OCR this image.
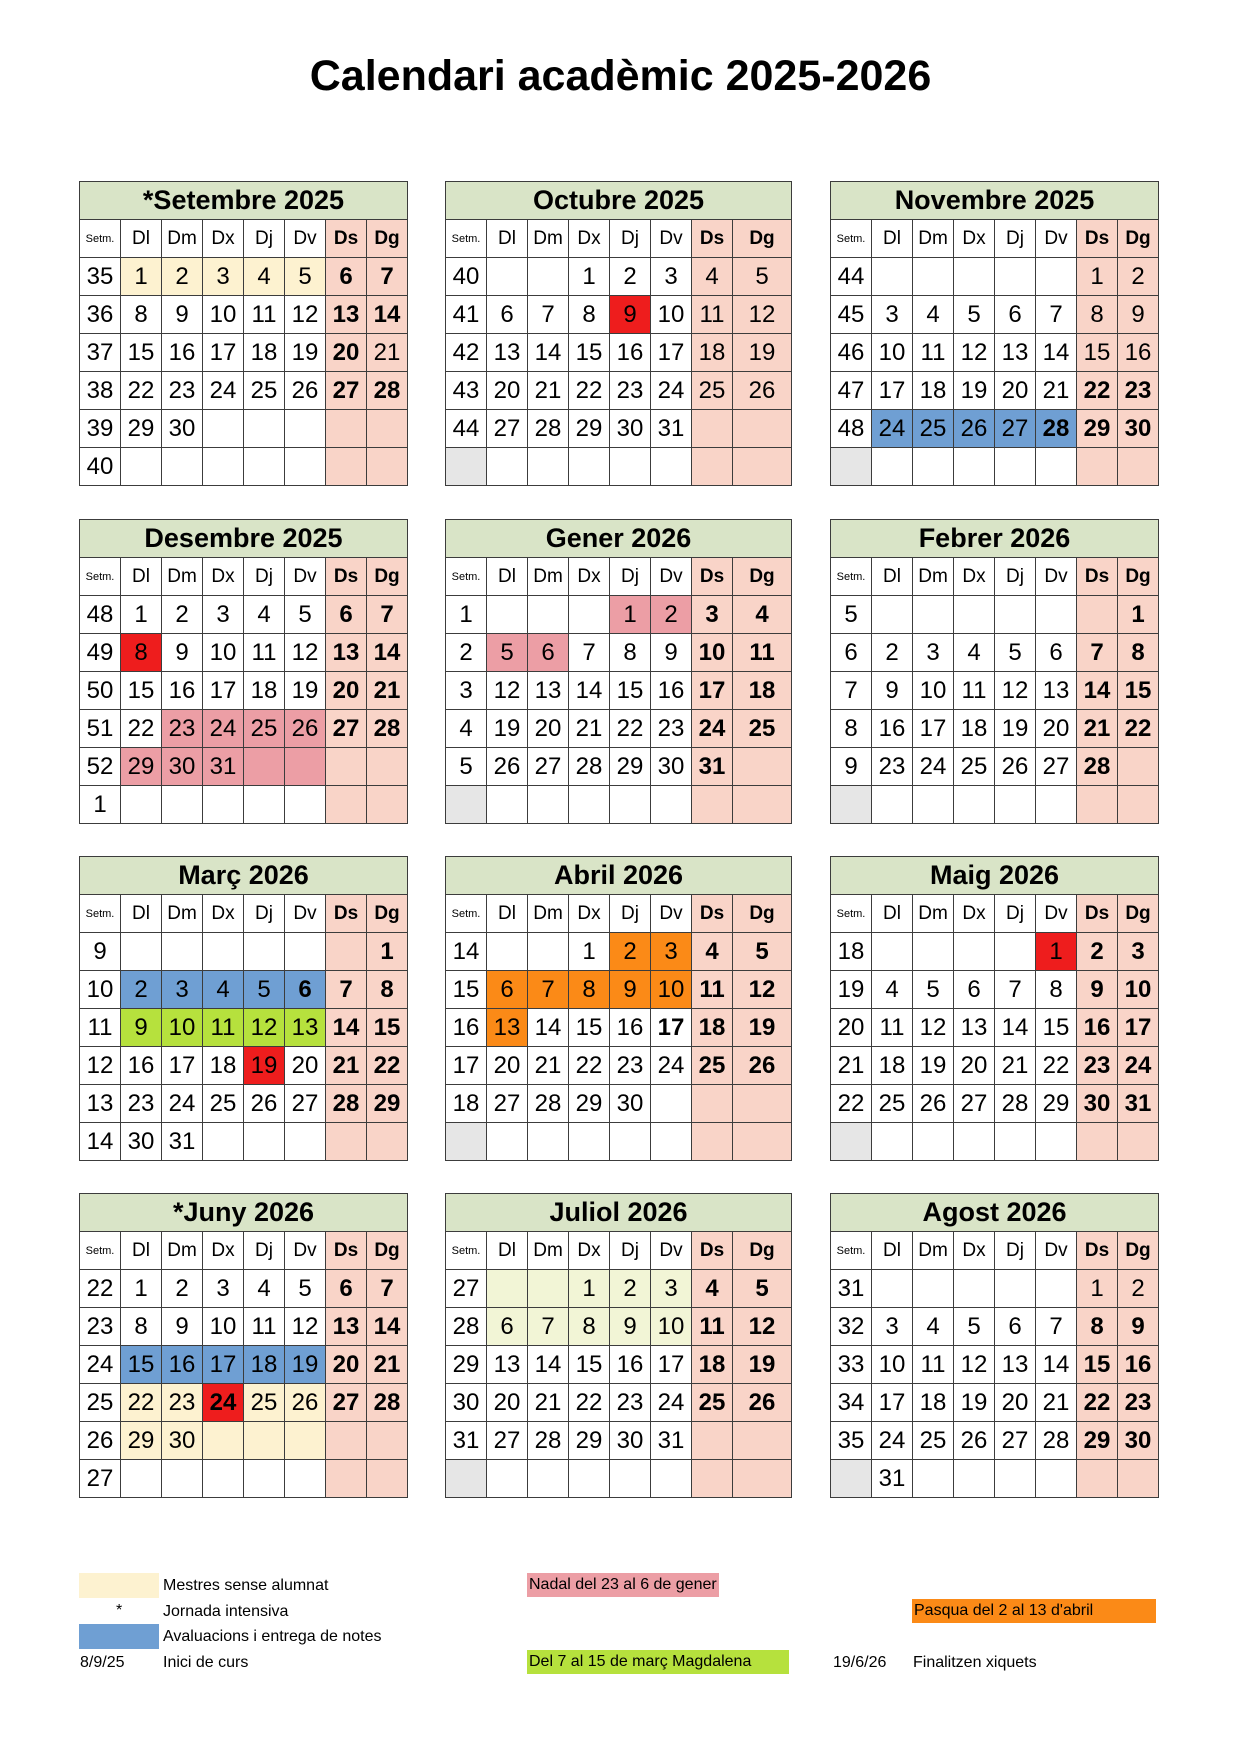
Calendari acadèmic 2025-2026
*Setembre 2025							
Setm.	Dl	Dm	Dx	Dj	Dv	Ds	Dg
35	1	2	3	4	5	6	7
36	8	9	10	11	12	13	14
37	15	16	17	18	19	20	21
38	22	23	24	25	26	27	28
39	29	30					
40							
Octubre 2025							
Setm.	Dl	Dm	Dx	Dj	Dv	Ds	Dg
40			1	2	3	4	5
41	6	7	8	9	10	11	12
42	13	14	15	16	17	18	19
43	20	21	22	23	24	25	26
44	27	28	29	30	31		

Novembre 2025							
Setm.	Dl	Dm	Dx	Dj	Dv	Ds	Dg
44						1	2
45	3	4	5	6	7	8	9
46	10	11	12	13	14	15	16
47	17	18	19	20	21	22	23
48	24	25	26	27	28	29	30

Desembre 2025							
Setm.	Dl	Dm	Dx	Dj	Dv	Ds	Dg
48	1	2	3	4	5	6	7
49	8	9	10	11	12	13	14
50	15	16	17	18	19	20	21
51	22	23	24	25	26	27	28
52	29	30	31				
1							
Gener 2026							
Setm.	Dl	Dm	Dx	Dj	Dv	Ds	Dg
1				1	2	3	4
2	5	6	7	8	9	10	11
3	12	13	14	15	16	17	18
4	19	20	21	22	23	24	25
5	26	27	28	29	30	31	

Febrer 2026							
Setm.	Dl	Dm	Dx	Dj	Dv	Ds	Dg
5							1
6	2	3	4	5	6	7	8
7	9	10	11	12	13	14	15
8	16	17	18	19	20	21	22
9	23	24	25	26	27	28	

Març 2026							
Setm.	Dl	Dm	Dx	Dj	Dv	Ds	Dg
9							1
10	2	3	4	5	6	7	8
11	9	10	11	12	13	14	15
12	16	17	18	19	20	21	22
13	23	24	25	26	27	28	29
14	30	31					
Abril 2026							
Setm.	Dl	Dm	Dx	Dj	Dv	Ds	Dg
14			1	2	3	4	5
15	6	7	8	9	10	11	12
16	13	14	15	16	17	18	19
17	20	21	22	23	24	25	26
18	27	28	29	30			

Maig 2026							
Setm.	Dl	Dm	Dx	Dj	Dv	Ds	Dg
18					1	2	3
19	4	5	6	7	8	9	10
20	11	12	13	14	15	16	17
21	18	19	20	21	22	23	24
22	25	26	27	28	29	30	31

*Juny 2026							
Setm.	Dl	Dm	Dx	Dj	Dv	Ds	Dg
22	1	2	3	4	5	6	7
23	8	9	10	11	12	13	14
24	15	16	17	18	19	20	21
25	22	23	24	25	26	27	28
26	29	30					
27							
Juliol 2026							
Setm.	Dl	Dm	Dx	Dj	Dv	Ds	Dg
27			1	2	3	4	5
28	6	7	8	9	10	11	12
29	13	14	15	16	17	18	19
30	20	21	22	23	24	25	26
31	27	28	29	30	31		

Agost 2026							
Setm.	Dl	Dm	Dx	Dj	Dv	Ds	Dg
31						1	2
32	3	4	5	6	7	8	9
33	10	11	12	13	14	15	16
34	17	18	19	20	21	22	23
35	24	25	26	27	28	29	30
	31						
Mestres sense alumnat
*	Jornada intensiva
Avaluacions i entrega de notes
8/9/25 Inici de curs
Nadal del 23 al 6 de gener
Del 7 al 15 de març Magdalena	19/6/26 Finalitzen xiquets
Pasqua del 2 al 13 d'abril
